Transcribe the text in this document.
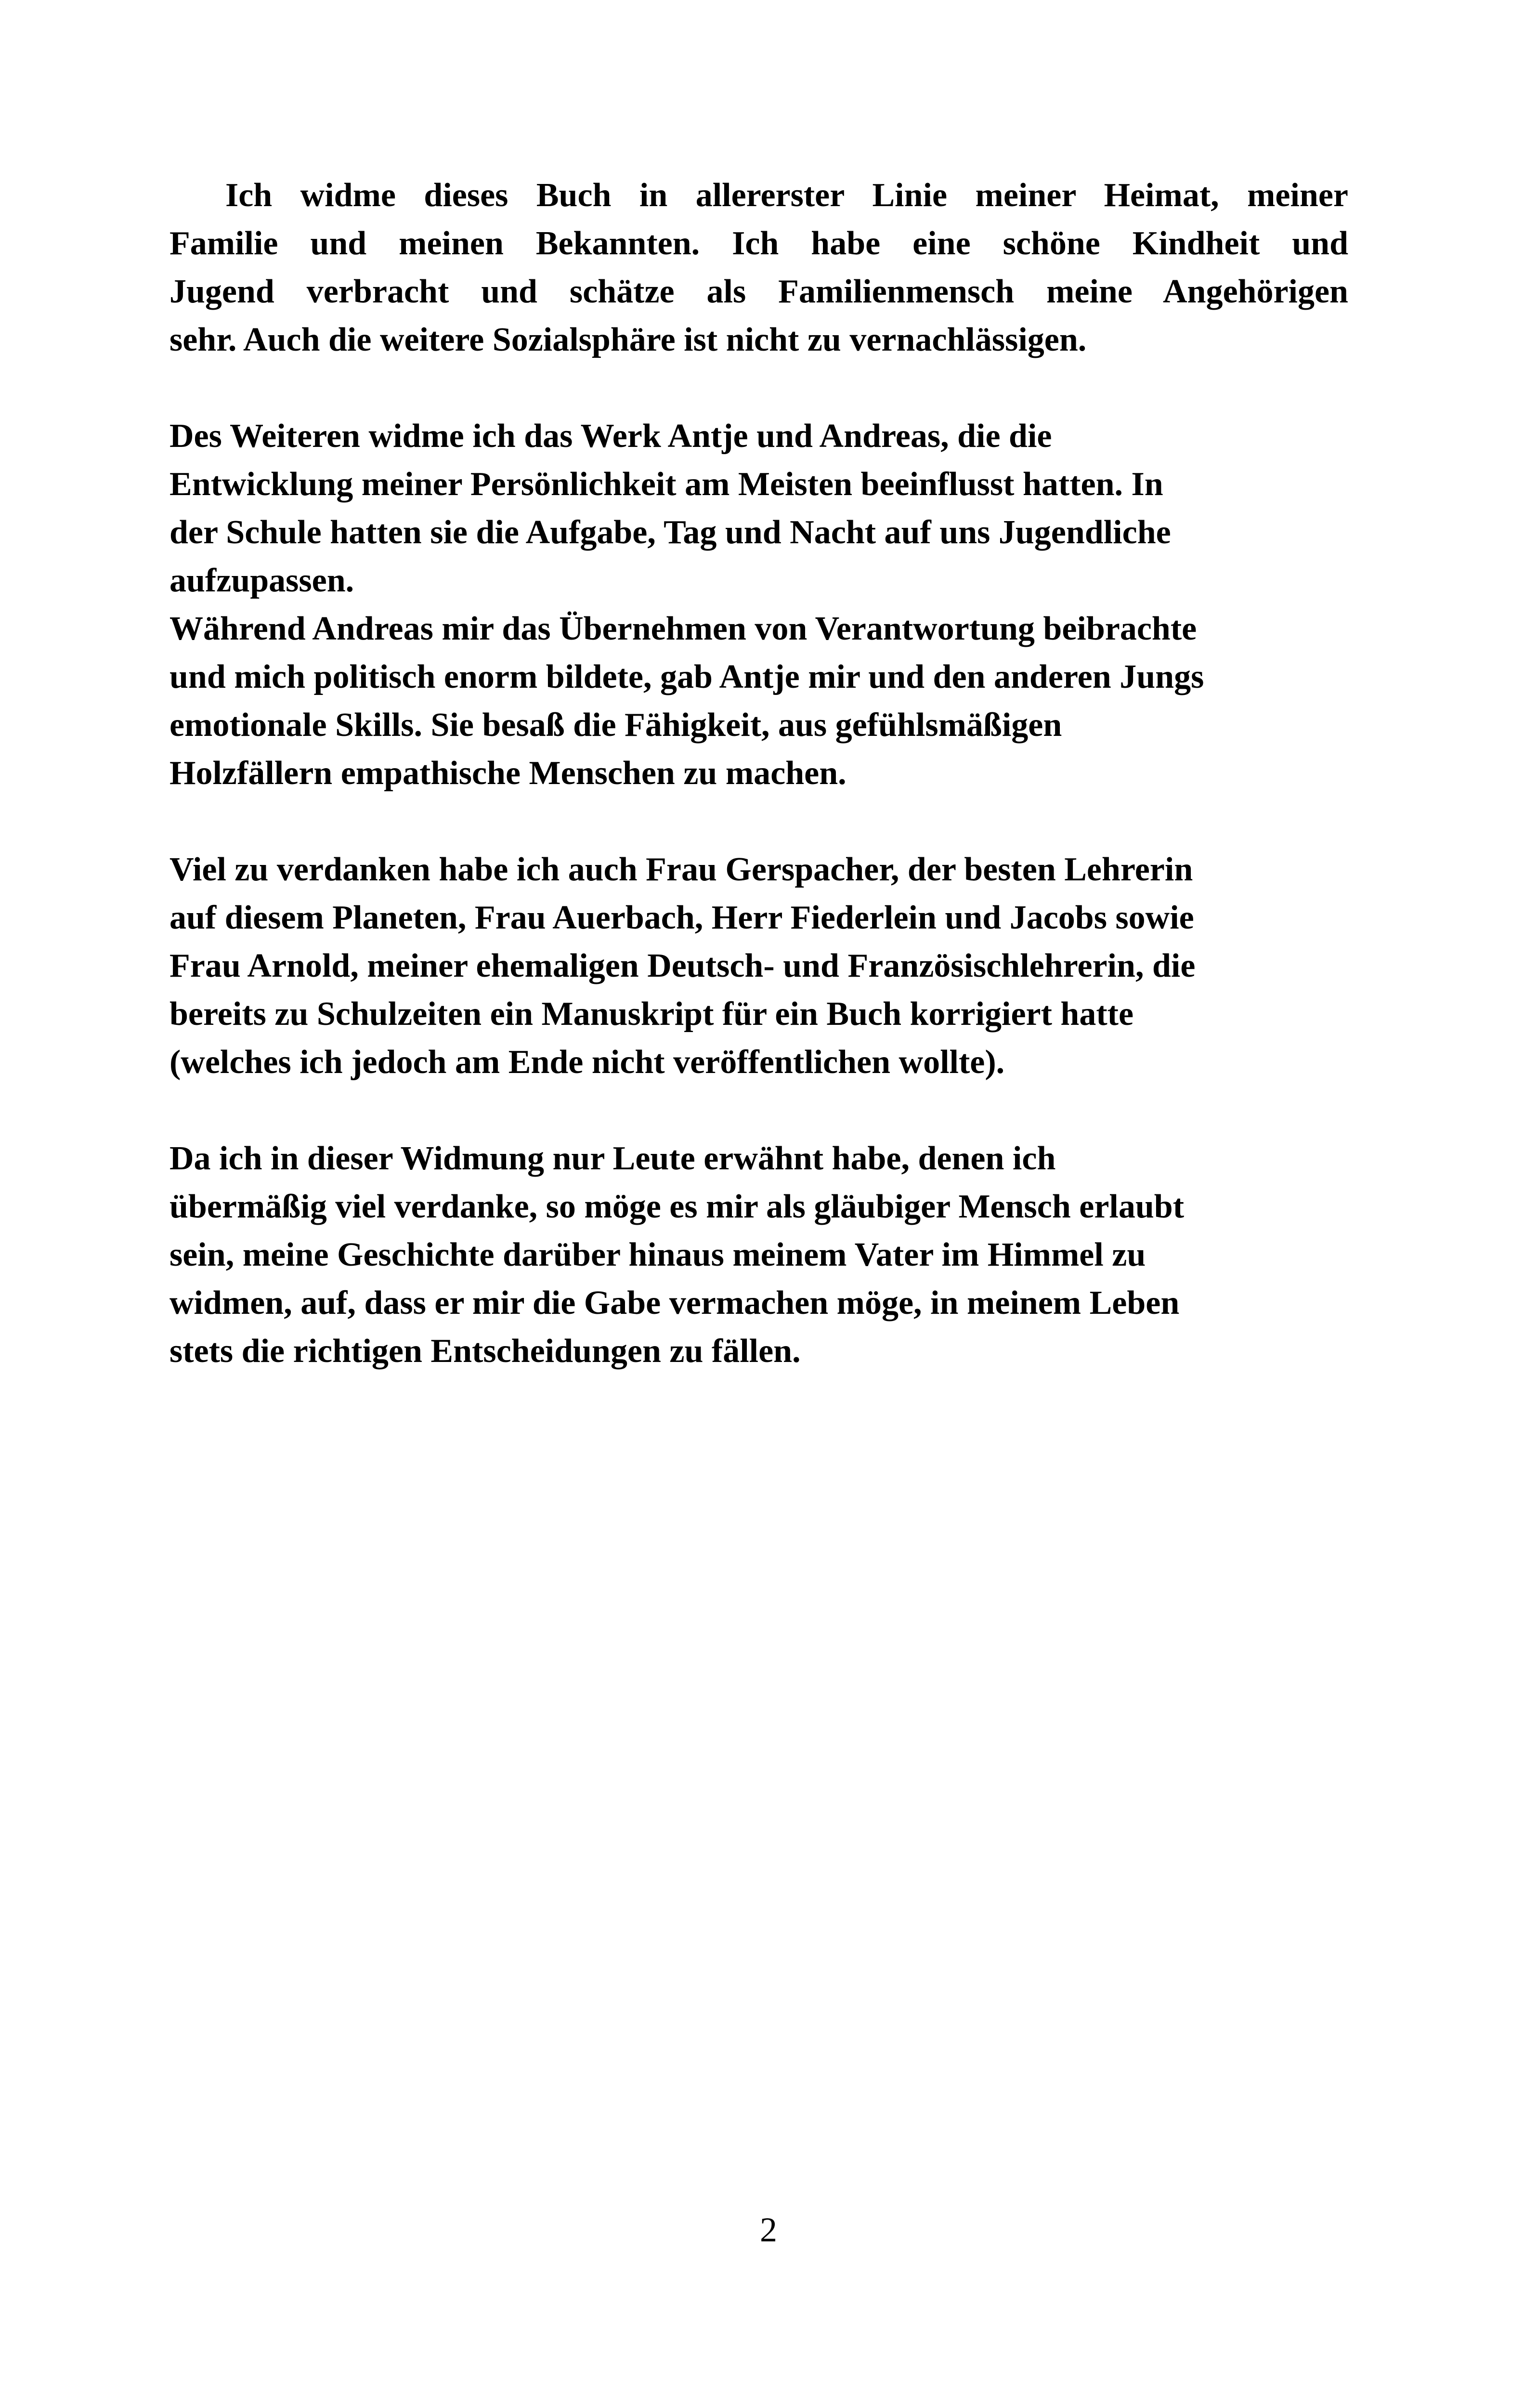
Ich widme dieses Buch in allererster Linie meiner Heimat, meiner
Familie und meinen Bekannten. Ich habe eine schöne Kindheit und
Jugend verbracht und schätze als Familienmensch meine Angehörigen
sehr. Auch die weitere Sozialsphäre ist nicht zu vernachlässigen.
Des Weiteren widme ich das Werk Antje und Andreas, die die
Entwicklung meiner Persönlichkeit am Meisten beeinflusst hatten. In
der Schule hatten sie die Aufgabe, Tag und Nacht auf uns Jugendliche
aufzupassen.
Während Andreas mir das Übernehmen von Verantwortung beibrachte
und mich politisch enorm bildete, gab Antje mir und den anderen Jungs
emotionale Skills. Sie besaß die Fähigkeit, aus gefühlsmäßigen
Holzfällern empathische Menschen zu machen.
Viel zu verdanken habe ich auch Frau Gerspacher, der besten Lehrerin
auf diesem Planeten, Frau Auerbach, Herr Fiederlein und Jacobs sowie
Frau Arnold, meiner ehemaligen Deutsch- und Französischlehrerin, die
bereits zu Schulzeiten ein Manuskript für ein Buch korrigiert hatte
(welches ich jedoch am Ende nicht veröffentlichen wollte).
Da ich in dieser Widmung nur Leute erwähnt habe, denen ich
übermäßig viel verdanke, so möge es mir als gläubiger Mensch erlaubt
sein, meine Geschichte darüber hinaus meinem Vater im Himmel zu
widmen, auf, dass er mir die Gabe vermachen möge, in meinem Leben
stets die richtigen Entscheidungen zu fällen.
2
